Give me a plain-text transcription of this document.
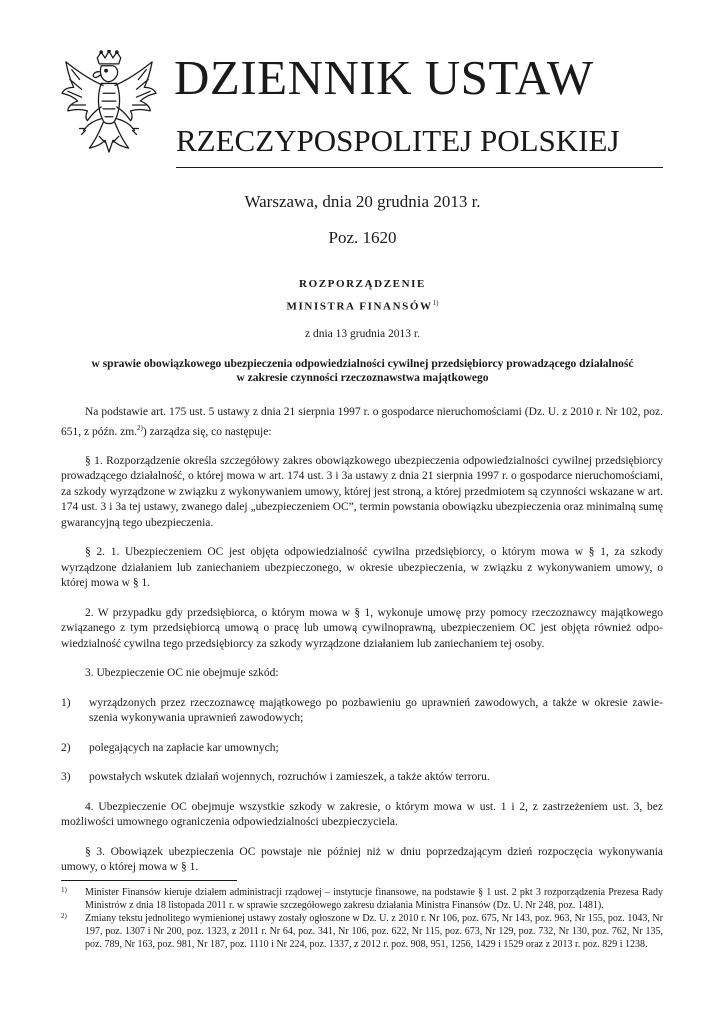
DZIENNIK USTAW
RZECZYPOSPOLITEJ POLSKIEJ
Warszawa, dnia 20 grudnia 2013 r.
Poz. 1620
ROZPORZĄDZENIE
MINISTRA FINANSÓW$^{1)}$
z dnia 13 grudnia 2013 r.
w sprawie obowiązkowego ubezpieczenia odpowiedzialności cywilnej przedsiębiorcy prowadzącego działalność
w zakresie czynności rzeczoznawstwa majątkowego

Na podstawie art. 175 ust. 5 ustawy z dnia 21 sierpnia 1997 r. o gospodarce nieruchomościami (Dz. U. z 2010 r. Nr 102, poz. 651, z późn. zm.$^{2)}$) zarządza się, co następuje:

§ 1. Rozporządzenie określa szczegółowy zakres obowiązkowego ubezpieczenia odpowiedzialności cywilnej przedsiębiorcy prowadzącego działalność, o której mowa w art. 174 ust. 3 i 3a ustawy z dnia 21 sierpnia 1997 r. o gospodarce nieruchomościami, za szkody wyrządzone w związku z wykonywaniem umowy, której jest stroną, a której przedmiotem są czynności wskazane w art. 174 ust. 3 i 3a tej ustawy, zwanego dalej „ubezpieczeniem OC”, termin powstania obowiązku ubezpieczenia oraz minimalną sumę gwarancyjną tego ubezpieczenia.

§ 2. 1. Ubezpieczeniem OC jest objęta odpowiedzialność cywilna przedsiębiorcy, o którym mowa w § 1, za szkody wyrządzone działaniem lub zaniechaniem ubezpieczonego, w okresie ubezpieczenia, w związku z wykonywaniem umowy, o której mowa w § 1.

2. W przypadku gdy przedsiębiorca, o którym mowa w § 1, wykonuje umowę przy pomocy rzeczoznawcy majątkowego związanego z tym przedsiębiorcą umową o pracę lub umową cywilnoprawną, ubezpieczeniem OC jest objęta również odpowiedzialność cywilna tego przedsiębiorcy za szkody wyrządzone działaniem lub zaniechaniem tej osoby.

3. Ubezpieczenie OC nie obejmuje szkód:

1) wyrządzonych przez rzeczoznawcę majątkowego po pozbawieniu go uprawnień zawodowych, a także w okresie zawieszenia wykonywania uprawnień zawodowych;

2) polegających na zapłacie kar umownych;

3) powstałych wskutek działań wojennych, rozruchów i zamieszek, a także aktów terroru.

4. Ubezpieczenie OC obejmuje wszystkie szkody w zakresie, o którym mowa w ust. 1 i 2, z zastrzeżeniem ust. 3, bez możliwości umownego ograniczenia odpowiedzialności ubezpieczyciela.

§ 3. Obowiązek ubezpieczenia OC powstaje nie później niż w dniu poprzedzającym dzień rozpoczęcia wykonywania umowy, o której mowa w § 1.

1) Minister Finansów kieruje działem administracji rządowej – instytucje finansowe, na podstawie § 1 ust. 2 pkt 3 rozporządzenia Prezesa Rady Ministrów z dnia 18 listopada 2011 r. w sprawie szczegółowego zakresu działania Ministra Finansów (Dz. U. Nr 248, poz. 1481).

2) Zmiany tekstu jednolitego wymienionej ustawy zostały ogłoszone w Dz. U. z 2010 r. Nr 106, poz. 675, Nr 143, poz. 963, Nr 155, poz. 1043, Nr 197, poz. 1307 i Nr 200, poz. 1323, z 2011 r. Nr 64, poz. 341, Nr 106, poz. 622, Nr 115, poz. 673, Nr 129, poz. 732, Nr 130, poz. 762, Nr 135, poz. 789, Nr 163, poz. 981, Nr 187, poz. 1110 i Nr 224, poz. 1337, z 2012 r. poz. 908, 951, 1256, 1429 i 1529 oraz z 2013 r. poz. 829 i 1238.
